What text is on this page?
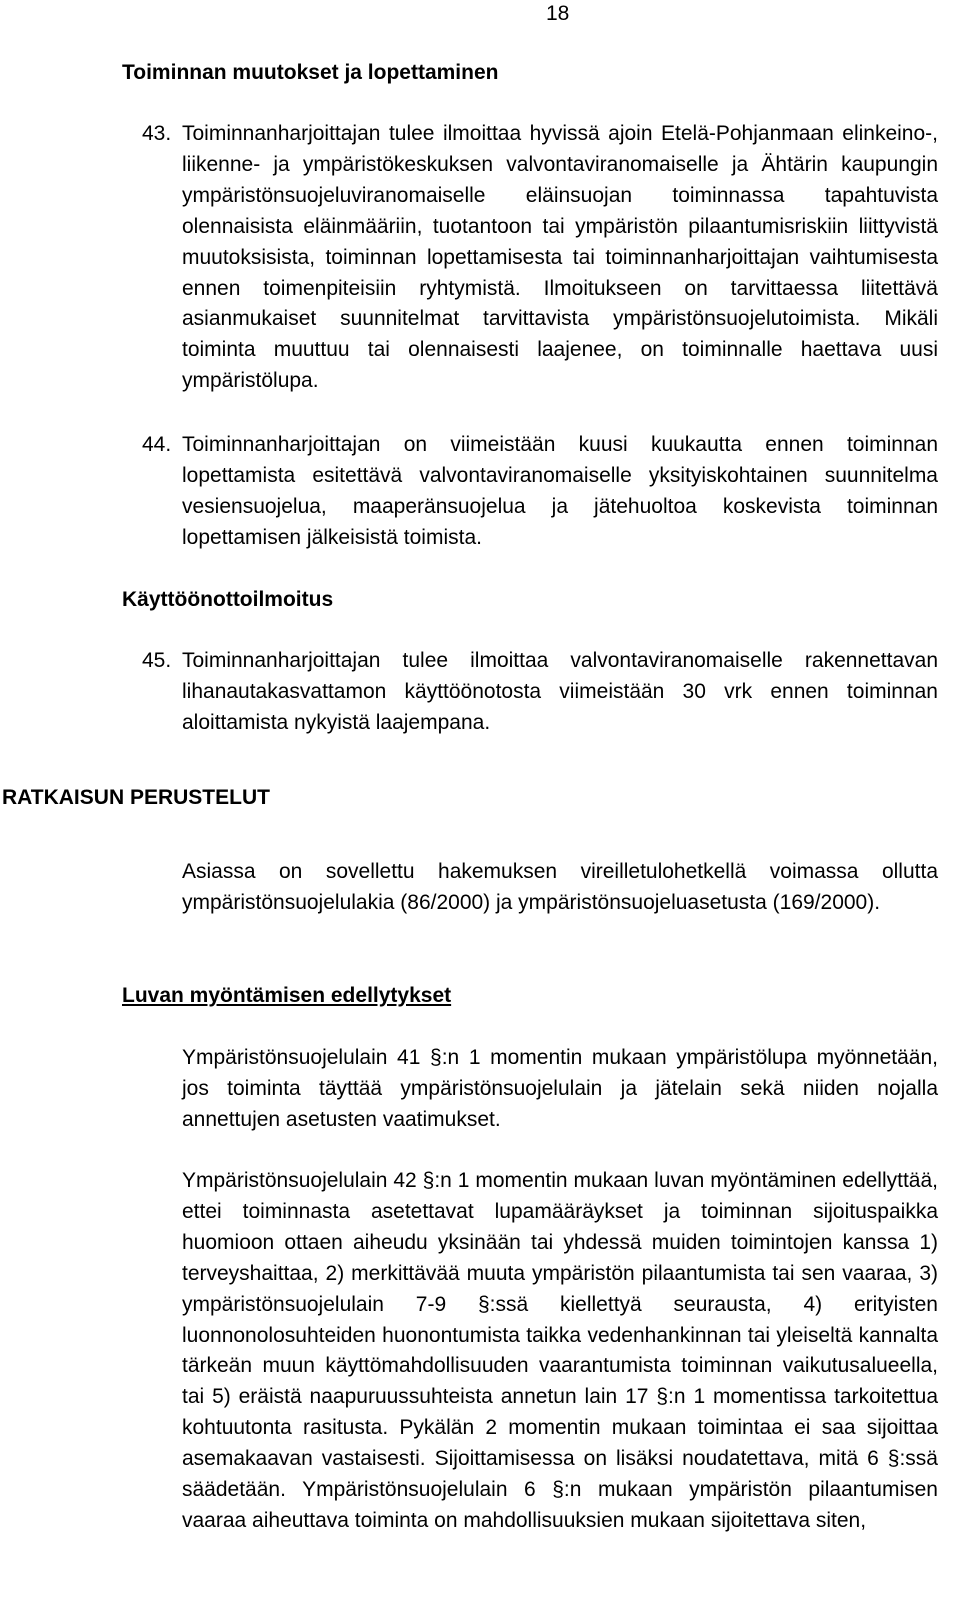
18
Toiminnan muutokset ja lopettaminen
43. Toiminnanharjoittajan tulee ilmoittaa hyvissä ajoin Etelä-Pohjanmaan elinkeino-, liikenne- ja ympäristökeskuksen valvontaviranomaiselle ja Ähtärin kaupungin ympäristönsuojeluviranomaiselle eläinsuojan toiminnassa tapahtuvista olennaisista eläinmääriin, tuotantoon tai ympäristön pilaantumisriskiin liittyvistä muutoksisista, toiminnan lopettamisesta tai toiminnanharjoittajan vaihtumisesta ennen toimenpiteisiin ryhtymistä. Ilmoitukseen on tarvittaessa liitettävä asianmukaiset suunnitelmat tarvittavista ympäristönsuojelutoimista. Mikäli toiminta muuttuu tai olennaisesti laajenee, on toiminnalle haettava uusi ympäristölupa.
44. Toiminnanharjoittajan on viimeistään kuusi kuukautta ennen toiminnan lopettamista esitettävä valvontaviranomaiselle yksityiskohtainen suunnitelma vesiensuojelua, maaperänsuojelua ja jätehuoltoa koskevista toiminnan lopettamisen jälkeisistä toimista.
Käyttöönottoilmoitus
45. Toiminnanharjoittajan tulee ilmoittaa valvontaviranomaiselle rakennettavan lihanautakasvattamon käyttöönotosta viimeistään 30 vrk ennen toiminnan aloittamista nykyistä laajempana.
RATKAISUN PERUSTELUT
Asiassa on sovellettu hakemuksen vireilletulohetkellä voimassa ollutta ympäristönsuojelulakia (86/2000) ja ympäristönsuojeluasetusta (169/2000).
Luvan myöntämisen edellytykset
Ympäristönsuojelulain 41 §:n 1 momentin mukaan ympäristölupa myönnetään, jos toiminta täyttää ympäristönsuojelulain ja jätelain sekä niiden nojalla annettujen asetusten vaatimukset.
Ympäristönsuojelulain 42 §:n 1 momentin mukaan luvan myöntäminen edellyttää, ettei toiminnasta asetettavat lupamääräykset ja toiminnan sijoituspaikka huomioon ottaen aiheudu yksinään tai yhdessä muiden toimintojen kanssa 1) terveyshaittaa, 2) merkittävää muuta ympäristön pilaantumista tai sen vaaraa, 3) ympäristönsuojelulain 7-9 §:ssä kiellettyä seurausta, 4) erityisten luonnonolosuhteiden huonontumista taikka vedenhankinnan tai yleiseltä kannalta tärkeän muun käyttömahdollisuuden vaarantumista toiminnan vaikutusalueella, tai 5) eräistä naapuruussuhteista annetun lain 17 §:n 1 momentissa tarkoitettua kohtuutonta rasitusta. Pykälän 2 momentin mukaan toimintaa ei saa sijoittaa asemakaavan vastaisesti. Sijoittamisessa on lisäksi noudatettava, mitä 6 §:ssä säädetään. Ympäristönsuojelulain 6 §:n mukaan ympäristön pilaantumisen vaaraa aiheuttava toiminta on mahdollisuuksien mukaan sijoitettava siten,
